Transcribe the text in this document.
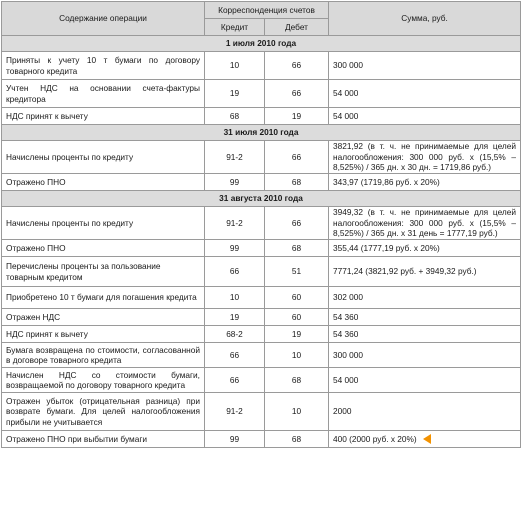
Содержание операции	Корреспонденция счетов		Сумма, руб.
	Кредит	Дебет	
1 июля 2010 года			
Приняты к учету 10 т бумаги по договору товарного кредита	10	66	300 000
Учтен НДС на основании счета-фактуры кредитора	19	66	54 000
НДС принят к вычету	68	19	54 000
31 июля 2010 года			
Начислены проценты по кредиту	91-2	66	3821,92 (в т. ч. не принимаемые для целей налогообложения: 300 000 руб. х (15,5% – 8,525%) / 365 дн. х 30 дн. = 1719,86 руб.)
Отражено ПНО	99	68	343,97 (1719,86 руб. х 20%)
31 августа 2010 года			
Начислены проценты по кредиту	91-2	66	3949,32 (в т. ч. не принимаемые для целей налогообложения: 300 000 руб. х (15,5% – 8,525%) / 365 дн. х 31 день = 1777,19 руб.)
Отражено ПНО	99	68	355,44 (1777,19 руб. х 20%)
Перечислены проценты за пользование товарным кредитом	66	51	7771,24 (3821,92 руб. + 3949,32 руб.)
Приобретено 10 т бумаги для погашения кредита	10	60	302 000
Отражен НДС	19	60	54 360
НДС принят к вычету	68-2	19	54 360
Бумага возвращена по стоимости, согласованной в договоре товарного кредита	66	10	300 000
Начислен НДС со стоимости бумаги, возвращаемой по договору товарного кредита	66	68	54 000
Отражен убыток (отрицательная разница) при возврате бумаги. Для целей налогообложения прибыли не учитывается	91-2	10	2000
Отражено ПНО при выбытии бумаги	99	68	400 (2000 руб. х 20%)
